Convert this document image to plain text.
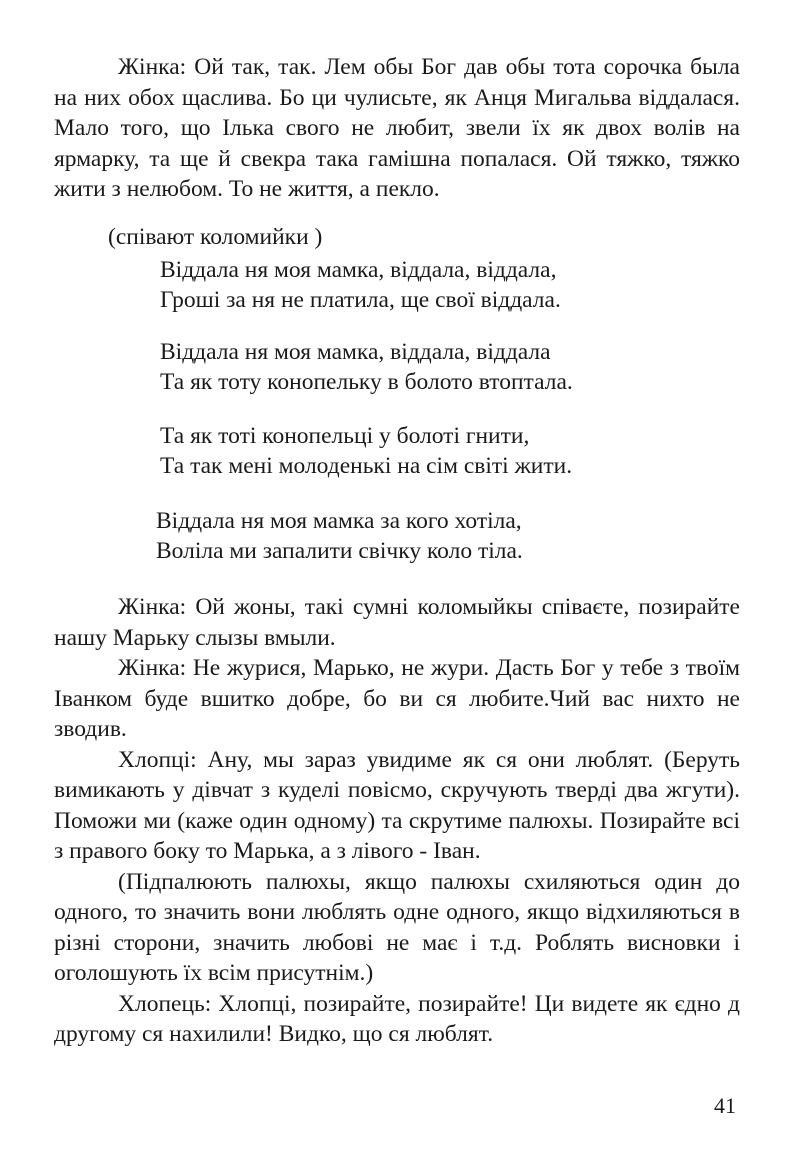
Жінка: Ой так, так. Лем обы Бог дав обы тота сорочка была на них обох щаслива. Бо ци чулисьте, як Анця Мигальва віддалася. Мало того, що Ілька свого не любит, звели їх як двох волів на ярмарку, та ще й свекра така гамішна попалася. Ой тяжко, тяжко жити з нелюбом. То не життя, а пекло.

(співают коломийки )

Віддала ня моя мамка, віддала, віддала,
Гроші за ня не платила, ще свої віддала.
Віддала ня моя мамка, віддала, віддала
Та як тоту конопельку в болото втоптала.
Та як тоті конопельці у болоті гнити,
Та так мені молоденькі на сім світі жити.
Віддала ня моя мамка за кого хотіла,
Воліла ми запалити свічку коло тіла.

Жінка: Ой жоны, такі сумні коломыйкы співаєте, позирайте нашу Марьку слызы вмыли.

Жінка: Не журися, Марько, не жури. Дасть Бог у тебе з твоїм Іванком буде вшитко добре, бо ви ся любите.Чий вас нихто не зводив.

Хлопці: Ану, мы зараз увидиме як ся они люблят. (Беруть вимикають у дівчат з куделі повісмо, скручують тверді два жгути). Поможи ми (каже один одному) та скрутиме палюхы. Позирайте всі з правого боку то Марька, а з лівого - Іван.

(Підпалюють палюхы, якщо палюхы схиляються один до одного, то значить вони люблять одне одного, якщо відхиляються в різні сторони, значить любові не має і т.д. Роблять висновки і оголошують їх всім присутнім.)

Хлопець: Хлопці, позирайте, позирайте! Ци видете як єдно д другому ся нахилили! Видко, що ся люблят.

41
